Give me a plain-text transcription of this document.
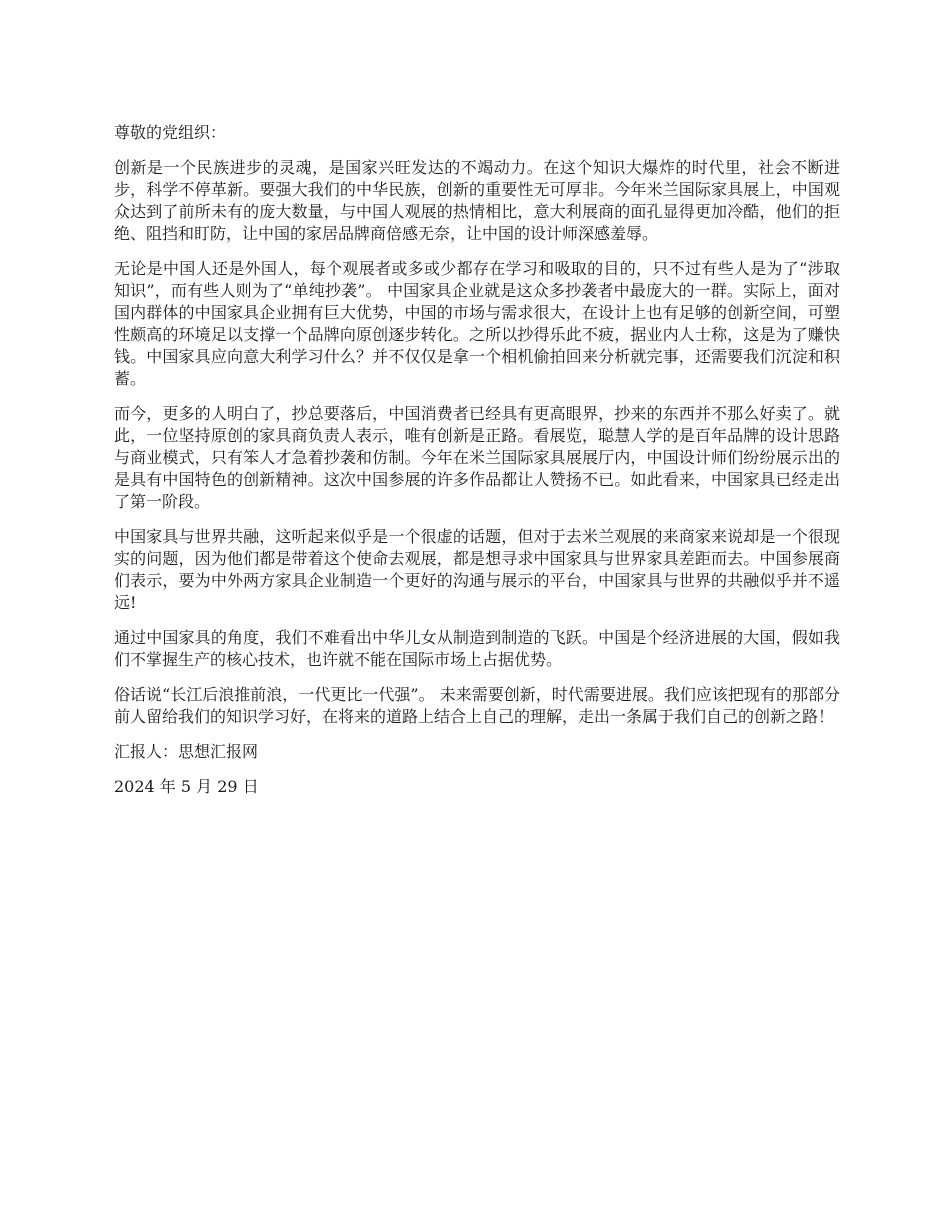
尊敬的党组织：

创新是一个民族进步的灵魂，是国家兴旺发达的不竭动力。在这个知识大爆炸的时代里，社会不断进步，科学不停革新。要强大我们的中华民族，创新的重要性无可厚非。今年米兰国际家具展上，中国观众达到了前所未有的庞大数量，与中国人观展的热情相比，意大利展商的面孔显得更加冷酷，他们的拒绝、阻挡和盯防，让中国的家居品牌商倍感无奈，让中国的设计师深感羞辱。

无论是中国人还是外国人，每个观展者或多或少都存在学习和吸取的目的，只不过有些人是为了“涉取知识”，而有些人则为了“单纯抄袭”。 中国家具企业就是这众多抄袭者中最庞大的一群。实际上，面对国内群体的中国家具企业拥有巨大优势，中国的市场与需求很大，在设计上也有足够的创新空间，可塑性颇高的环境足以支撑一个品牌向原创逐步转化。之所以抄得乐此不疲，据业内人士称，这是为了赚快钱。中国家具应向意大利学习什么？并不仅仅是拿一个相机偷拍回来分析就完事，还需要我们沉淀和积蓄。

而今，更多的人明白了，抄总要落后，中国消费者已经具有更高眼界，抄来的东西并不那么好卖了。就此，一位坚持原创的家具商负责人表示，唯有创新是正路。看展览，聪慧人学的是百年品牌的设计思路与商业模式，只有笨人才急着抄袭和仿制。今年在米兰国际家具展展厅内，中国设计师们纷纷展示出的是具有中国特色的创新精神。这次中国参展的许多作品都让人赞扬不已。如此看来，中国家具已经走出了第一阶段。

中国家具与世界共融，这听起来似乎是一个很虚的话题，但对于去米兰观展的来商家来说却是一个很现实的问题，因为他们都是带着这个使命去观展，都是想寻求中国家具与世界家具差距而去。中国参展商们表示，要为中外两方家具企业制造一个更好的沟通与展示的平台，中国家具与世界的共融似乎并不遥远!

通过中国家具的角度，我们不难看出中华儿女从制造到制造的飞跃。中国是个经济进展的大国，假如我们不掌握生产的核心技术，也许就不能在国际市场上占据优势。

俗话说“长江后浪推前浪，一代更比一代强”。 未来需要创新，时代需要进展。我们应该把现有的那部分前人留给我们的知识学习好，在将来的道路上结合上自己的理解，走出一条属于我们自己的创新之路！

汇报人：思想汇报网

2024 年 5 月 29 日
